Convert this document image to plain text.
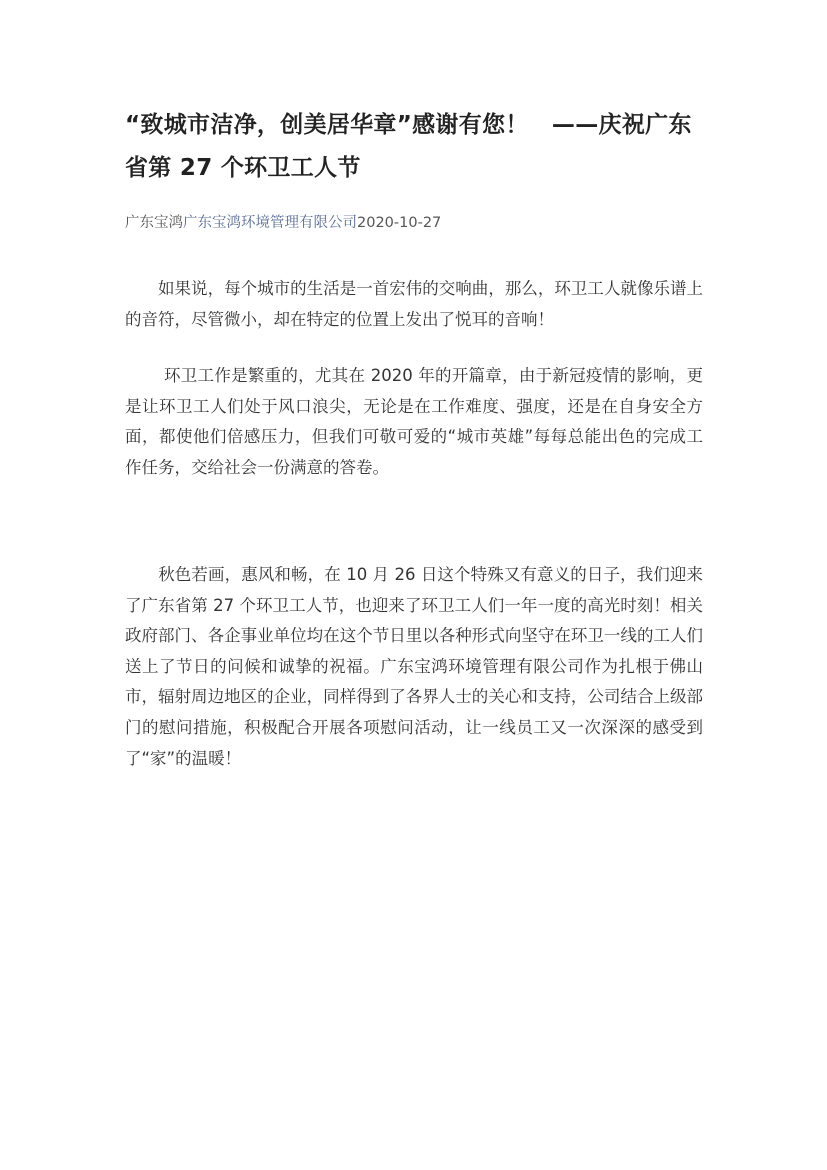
“致城市洁净，创美居华章”感谢有您！　——庆祝广东省第 27 个环卫工人节
广东宝鸿广东宝鸿环境管理有限公司2020-10-27

　　如果说，每个城市的生活是一首宏伟的交响曲，那么，环卫工人就像乐谱上的音符，尽管微小，却在特定的位置上发出了悦耳的音响！

　　 环卫工作是繁重的，尤其在 2020 年的开篇章，由于新冠疫情的影响，更是让环卫工人们处于风口浪尖，无论是在工作难度、强度，还是在自身安全方面，都使他们倍感压力，但我们可敬可爱的“城市英雄”每每总能出色的完成工作任务，交给社会一份满意的答卷。

　　秋色若画，惠风和畅，在 10 月 26 日这个特殊又有意义的日子，我们迎来了广东省第 27 个环卫工人节，也迎来了环卫工人们一年一度的高光时刻！相关政府部门、各企事业单位均在这个节日里以各种形式向坚守在环卫一线的工人们送上了节日的问候和诚挚的祝福。广东宝鸿环境管理有限公司作为扎根于佛山市，辐射周边地区的企业，同样得到了各界人士的关心和支持，公司结合上级部门的慰问措施，积极配合开展各项慰问活动，让一线员工又一次深深的感受到了“家”的温暖！
